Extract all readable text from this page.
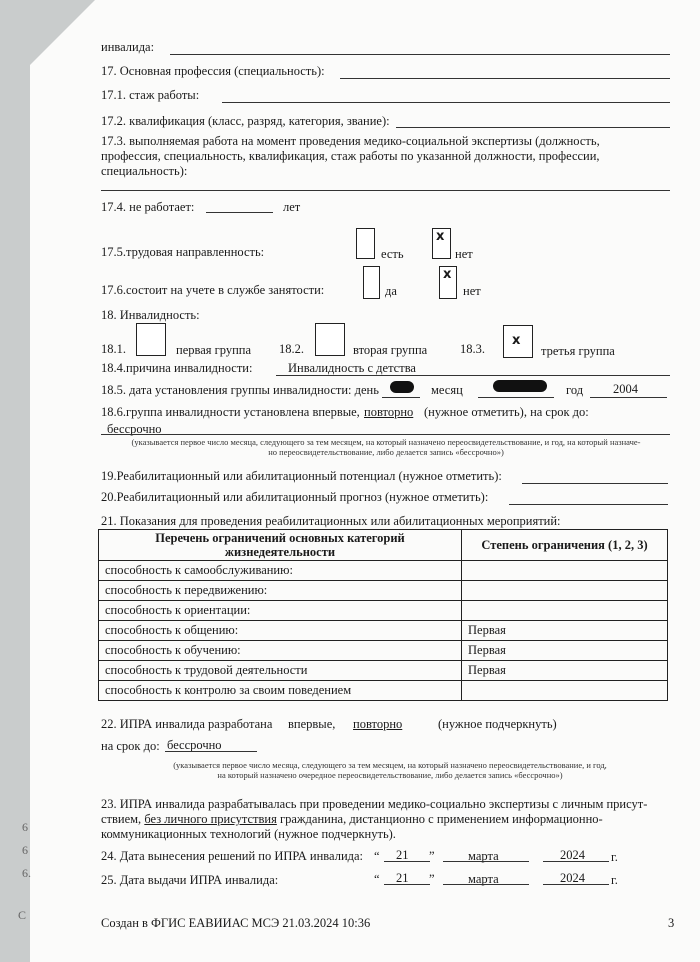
6
6
6.
С
инвалида:
17. Основная профессия (специальность):
17.1. стаж работы:
17.2. квалификация (класс, разряд, категория, звание):
17.3. выполняемая работа на момент проведения медико-социальной экспертизы (должность,
профессия, специальность, квалификация, стаж работы по указанной должности, профессии,
специальность):
17.4. не работает:	лет
17.5.трудовая направленность:	есть
x
нет
17.6.состоит на учете в службе занятости:	да
x
нет
18. Инвалидность:
18.1.	первая группа 18.2.	вторая группа	18.3.
x
третья группа
18.4.причина инвалидности:	Инвалидность с детства
18.5. дата установления группы инвалидности: день	месяц	год 2004
18.6.группа инвалидности установлена впервые, повторно (нужное отметить), на срок до:
бессрочно
(указывается первое число месяца, следующего за тем месяцем, на который назначено переосвидетельствование, и год, на который назначе-
но переосвидетельствование, либо делается запись «бессрочно»)
19.Реабилитационный или абилитационный потенциал (нужное отметить):
20.Реабилитационный или абилитационный прогноз (нужное отметить):
21. Показания для проведения реабилитационных или абилитационных мероприятий:
Перечень ограничений основных категорий
жизнедеятельности	Степень ограничения (1, 2, 3)
способность к самообслуживанию:	
способность к передвижению:	
способность к ориентации:	
способность к общению:	Первая
способность к обучению:	Первая
способность к трудовой деятельности	Первая
способность к контролю за своим поведением	
22. ИПРА инвалида разработана впервые, повторно	(нужное подчеркнуть)
на срок до: бессрочно
(указывается первое число месяца, следующего за тем месяцем, на который назначено переосвидетельствование, и год,
на который назначено очередное переосвидетельствование, либо делается запись «бессрочно»)
23. ИПРА инвалида разрабатывалась при проведении медико-социально экспертизы с личным присут-
ствием, без личного присутствия гражданина, дистанционно с применением информационно-
коммуникационных технологий (нужное подчеркнуть).
24. Дата вынесения решений по ИПРА инвалида: “ 21 ”	марта	2024 г.
25. Дата выдачи ИПРА инвалида:	“ 21 ”	марта	2024 г.
Создан в ФГИС ЕАВИИАС МСЭ 21.03.2024 10:36	3
